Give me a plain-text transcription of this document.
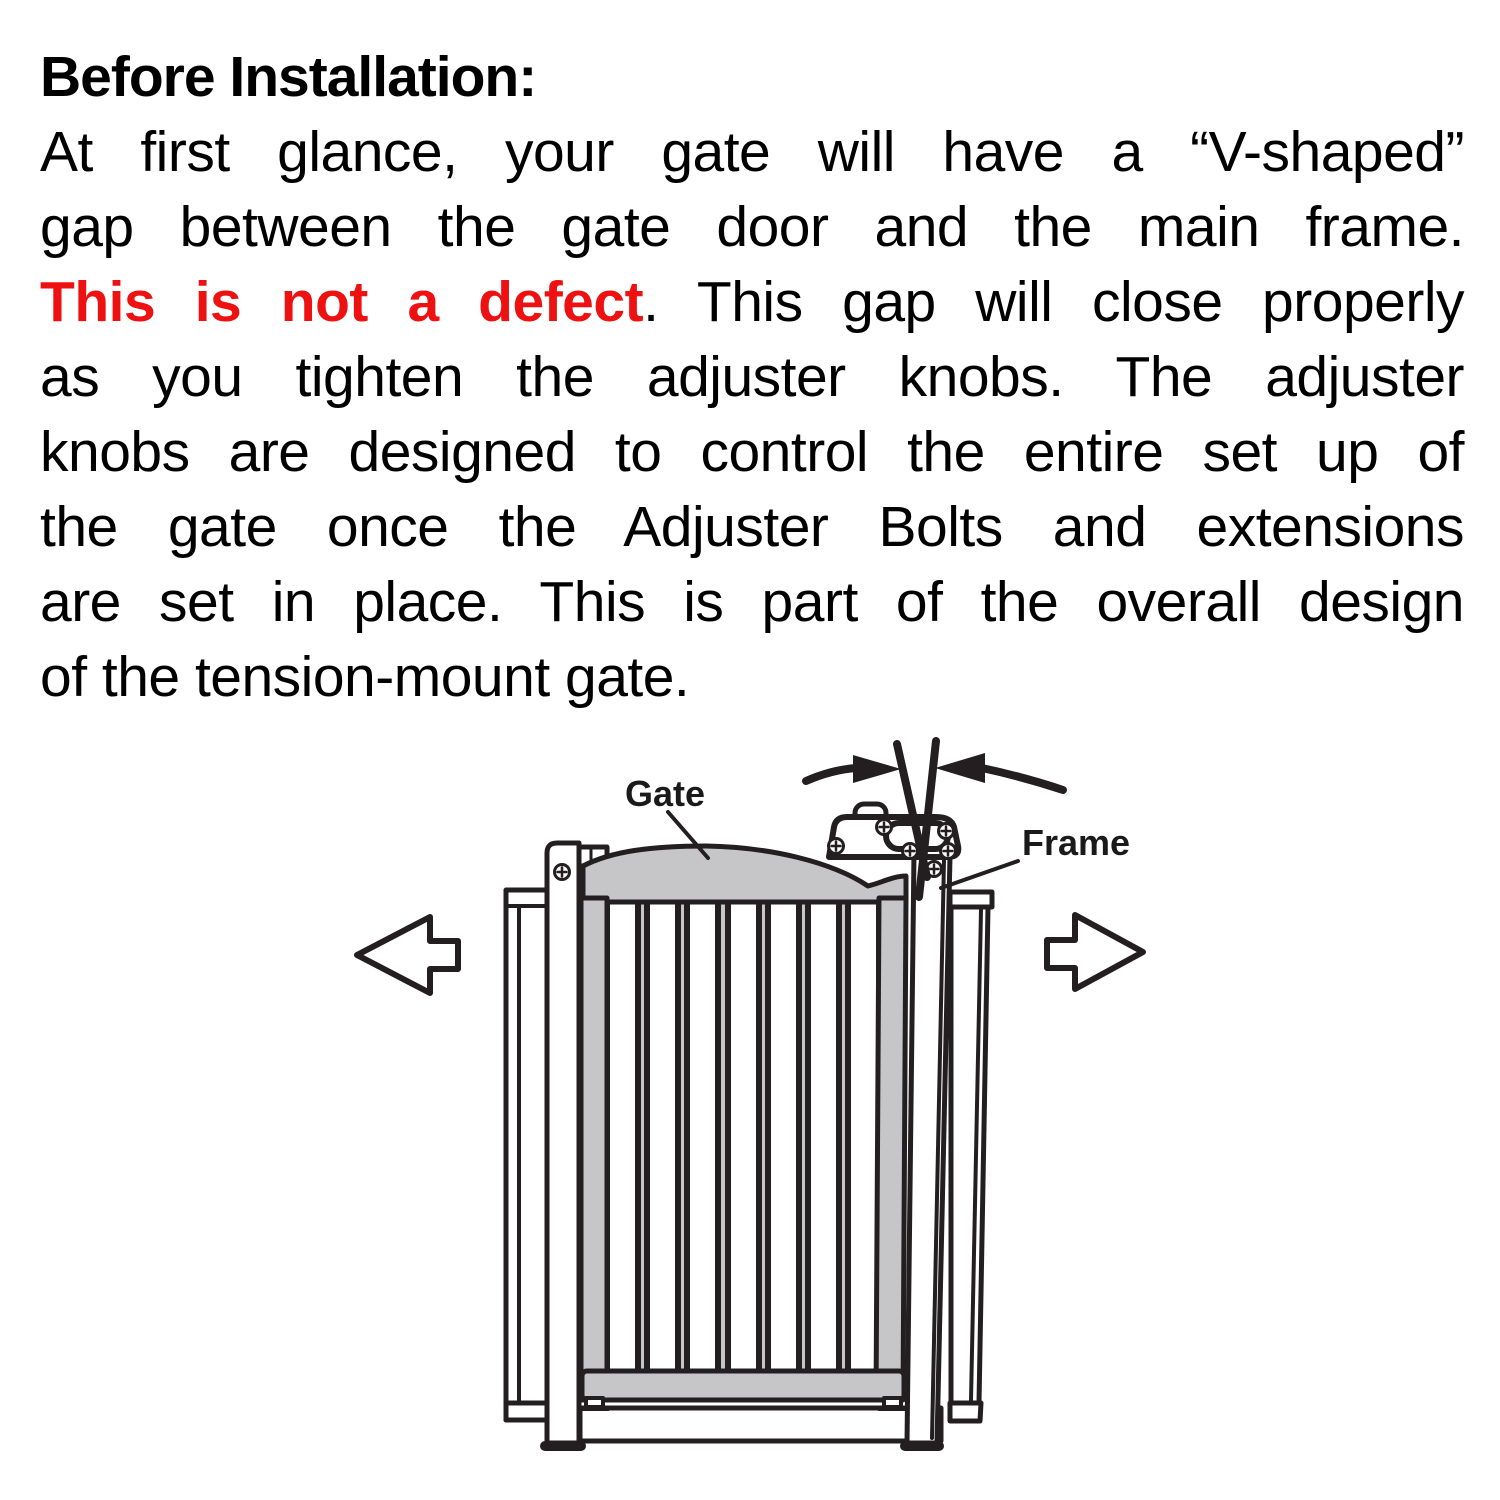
Gate
Frame
Before Installation:
At first glance, your gate will have a “V-shaped”
gap between the gate door and the main frame.
This is not a defect. This gap will close properly
as you tighten the adjuster knobs. The adjuster
knobs are designed to control the entire set up of
the gate once the Adjuster Bolts and extensions
are set in place. This is part of the overall design
of the tension-mount gate.
